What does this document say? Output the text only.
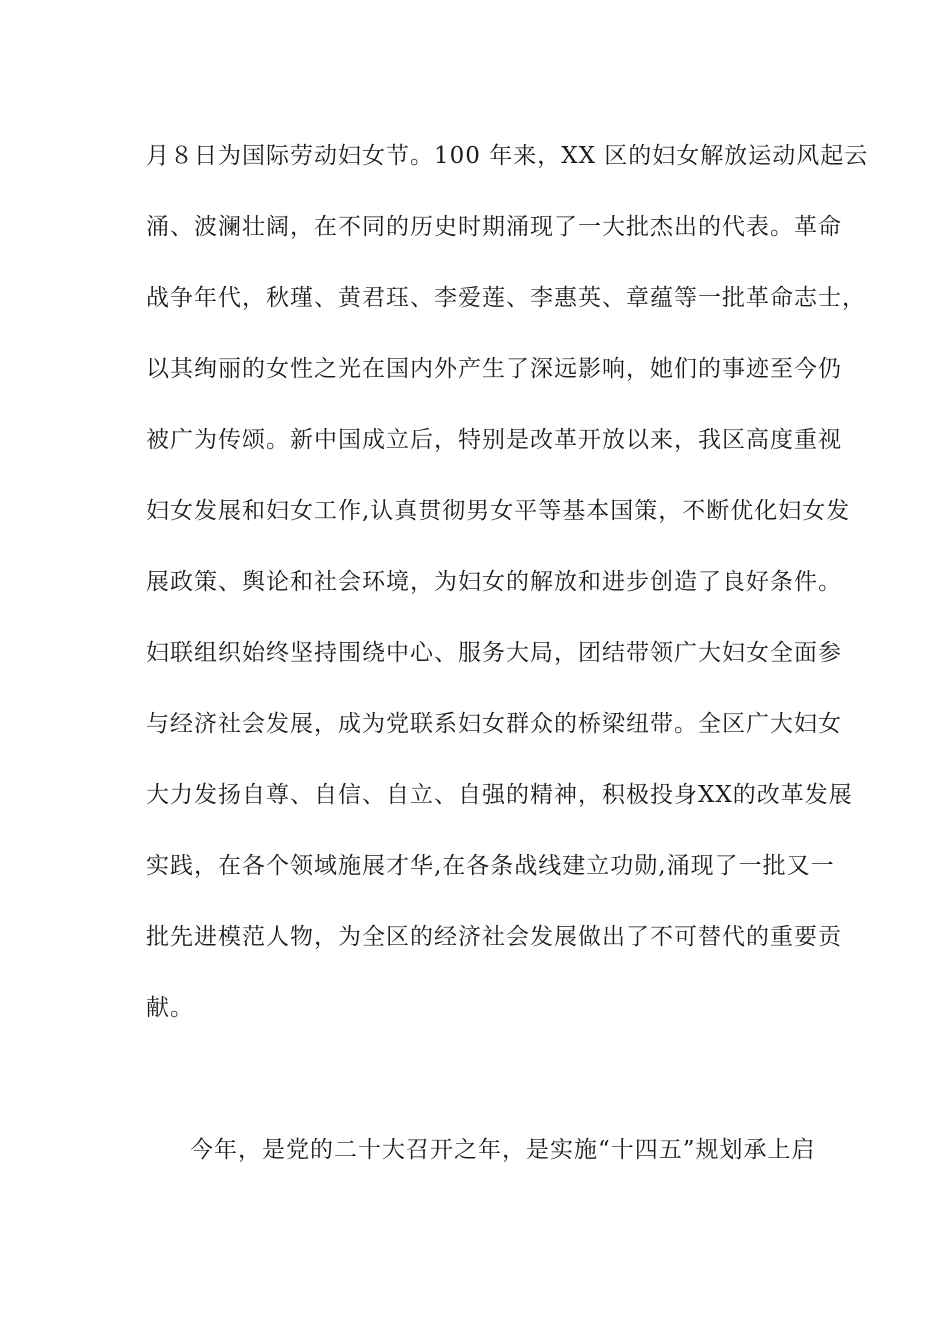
月８日为国际劳动妇女节。100 年来，XX 区的妇女解放运动风起云
涌、波澜壮阔，在不同的历史时期涌现了一大批杰出的代表。革命
战争年代，秋瑾、黄君珏、李爱莲、李惠英、章蕴等一批革命志士，
以其绚丽的女性之光在国内外产生了深远影响，她们的事迹至今仍
被广为传颂。新中国成立后，特别是改革开放以来，我区高度重视
妇女发展和妇女工作,认真贯彻男女平等基本国策，不断优化妇女发
展政策、舆论和社会环境，为妇女的解放和进步创造了良好条件。
妇联组织始终坚持围绕中心、服务大局，团结带领广大妇女全面参
与经济社会发展，成为党联系妇女群众的桥梁纽带。全区广大妇女
大力发扬自尊、自信、自立、自强的精神，积极投身XX的改革发展
实践，在各个领域施展才华,在各条战线建立功勋,涌现了一批又一
批先进模范人物，为全区的经济社会发展做出了不可替代的重要贡
献。
今年，是党的二十大召开之年，是实施“十四五”规划承上启
